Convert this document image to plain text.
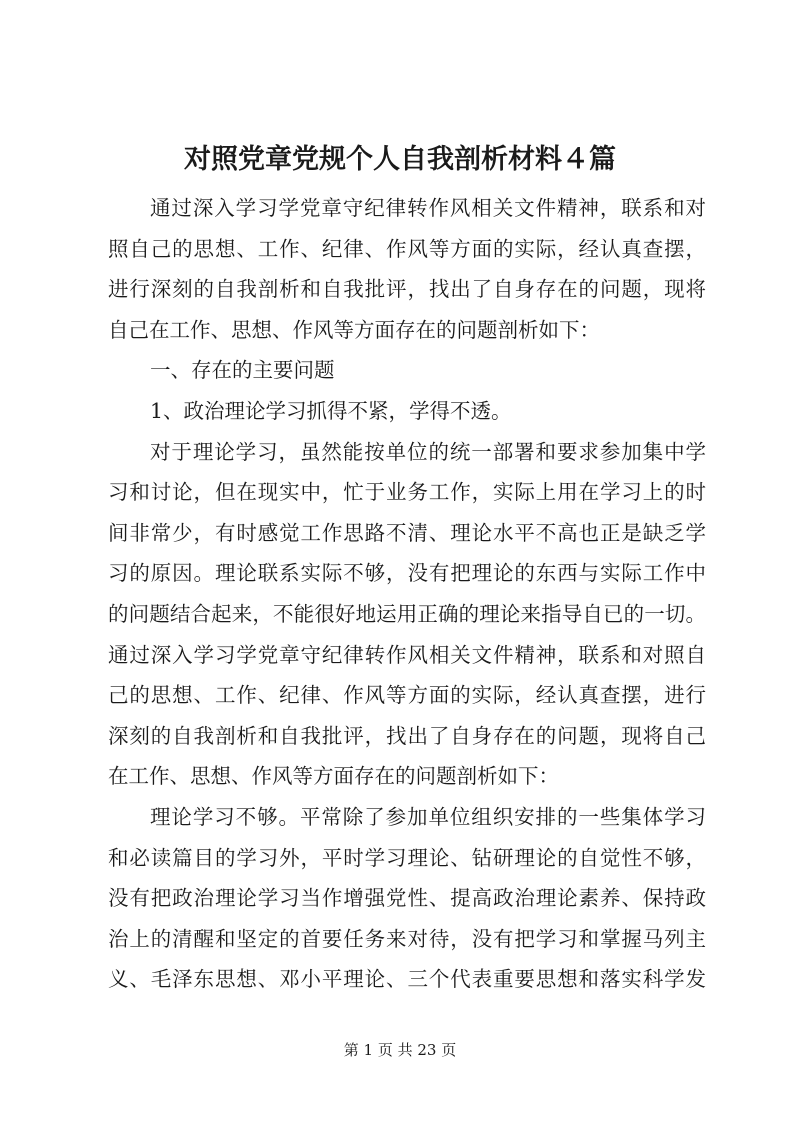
对照党章党规个人自我剖析材料４篇

通过深入学习学党章守纪律转作风相关文件精神，联系和对

照自己的思想、工作、纪律、作风等方面的实际，经认真查摆，

进行深刻的自我剖析和自我批评，找出了自身存在的问题，现将

自己在工作、思想、作风等方面存在的问题剖析如下：

一、存在的主要问题

1、政治理论学习抓得不紧，学得不透。

对于理论学习，虽然能按单位的统一部署和要求参加集中学

习和讨论，但在现实中，忙于业务工作，实际上用在学习上的时

间非常少，有时感觉工作思路不清、理论水平不高也正是缺乏学

习的原因。理论联系实际不够，没有把理论的东西与实际工作中

的问题结合起来，不能很好地运用正确的理论来指导自已的一切。

通过深入学习学党章守纪律转作风相关文件精神，联系和对照自

己的思想、工作、纪律、作风等方面的实际，经认真查摆，进行

深刻的自我剖析和自我批评，找出了自身存在的问题，现将自己

在工作、思想、作风等方面存在的问题剖析如下：

理论学习不够。平常除了参加单位组织安排的一些集体学习

和必读篇目的学习外，平时学习理论、钻研理论的自觉性不够，

没有把政治理论学习当作增强党性、提高政治理论素养、保持政

治上的清醒和坚定的首要任务来对待，没有把学习和掌握马列主

义、毛泽东思想、邓小平理论、三个代表重要思想和落实科学发

第 1 页 共 23 页
